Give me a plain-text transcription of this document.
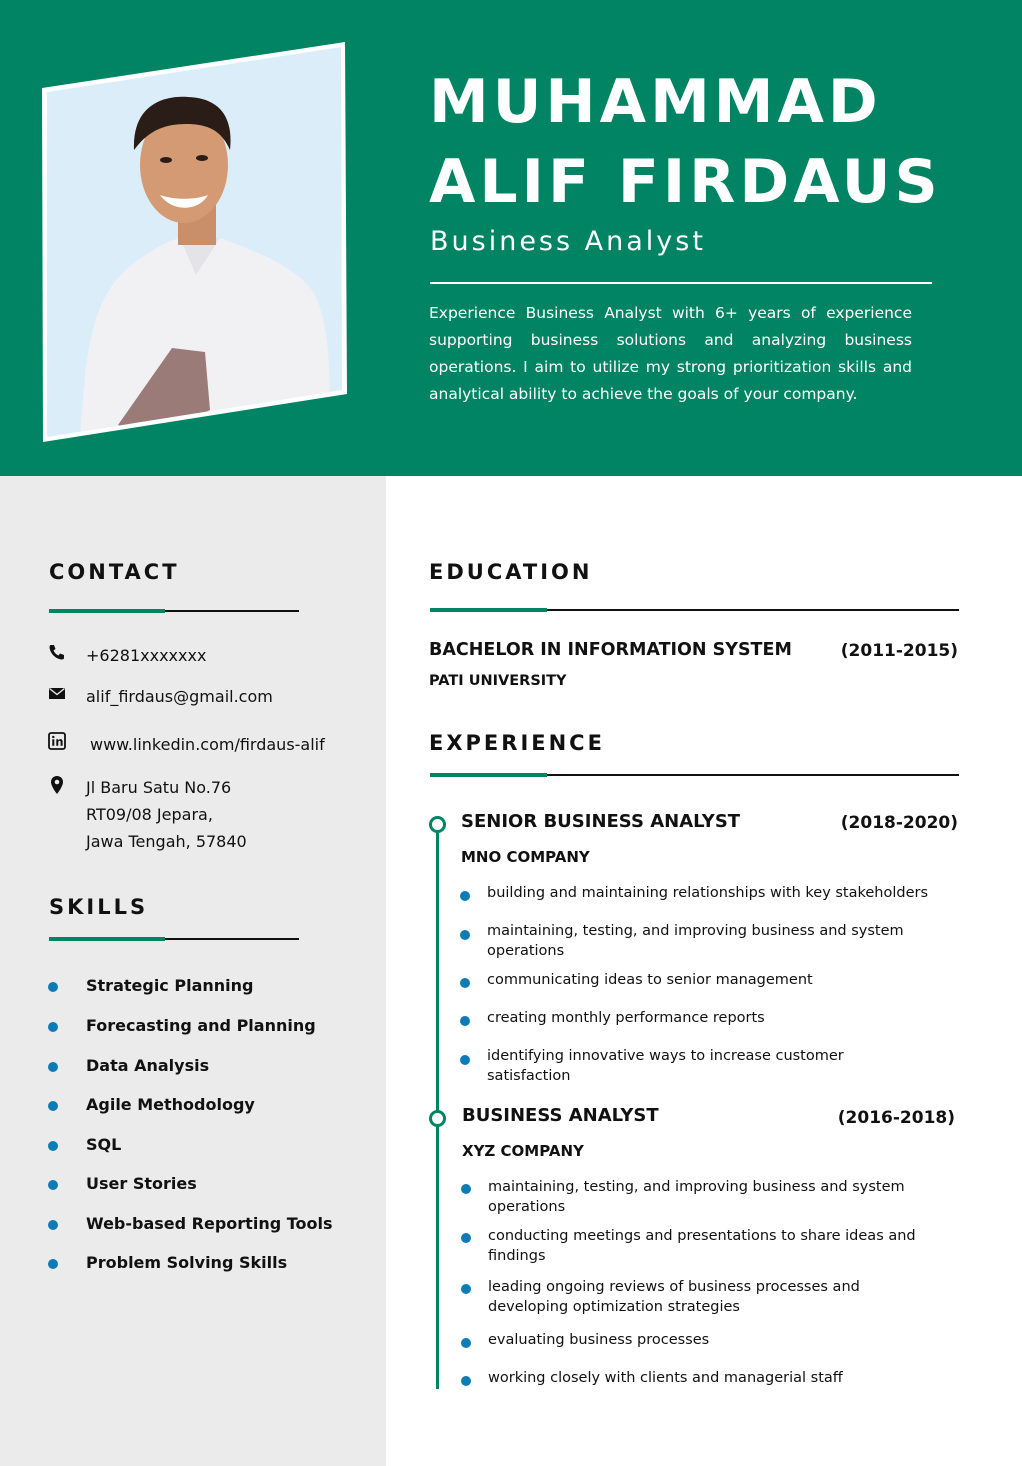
MUHAMMAD
ALIF FIRDAUS
Business Analyst
Experience Business Analyst with 6+ years of experience supporting business solutions and analyzing business operations. I aim to utilize my strong prioritization skills and analytical ability to achieve the goals of your company.
CONTACT
+6281xxxxxxx
alif_firdaus@gmail.com
www.linkedin.com/firdaus-alif
Jl Baru Satu No.76
RT09/08 Jepara,
Jawa Tengah, 57840
SKILLS
Strategic Planning
Forecasting and Planning
Data Analysis
Agile Methodology
SQL
User Stories
Web-based Reporting Tools
Problem Solving Skills
EDUCATION
BACHELOR IN INFORMATION SYSTEM	(2011-2015)
PATI UNIVERSITY
EXPERIENCE
SENIOR BUSINESS ANALYST	(2018-2020)
MNO COMPANY
building and maintaining relationships with key stakeholders
maintaining, testing, and improving business and system operations
communicating ideas to senior management
creating monthly performance reports
identifying innovative ways to increase customer satisfaction
BUSINESS ANALYST	(2016-2018)
XYZ COMPANY
maintaining, testing, and improving business and system operations
conducting meetings and presentations to share ideas and findings
leading ongoing reviews of business processes and developing optimization strategies
evaluating business processes
working closely with clients and managerial staff
